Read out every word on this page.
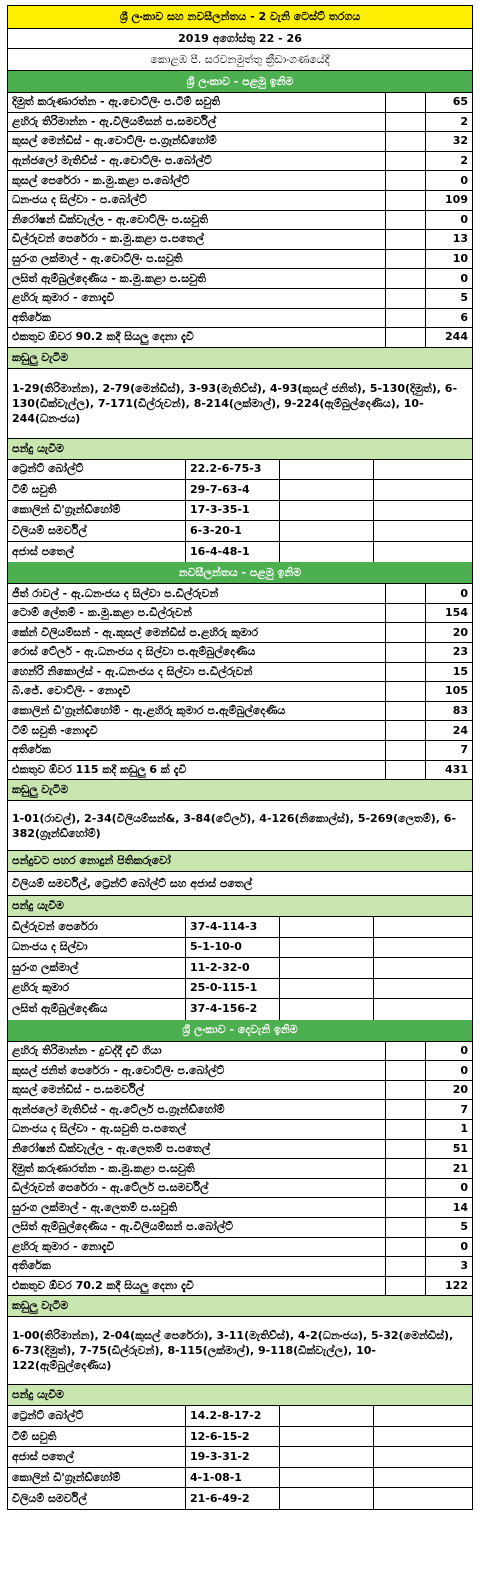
ශ්‍රී ලංකාව සහ නවසීලන්තය - 2 වැනි ටෙස්ට් තරගය
2019 අගෝස්තු 22 - 26
කොළඹ පී. සරවනමුත්තු ක්‍රීඩාංගණයේදී
ශ්‍රී ලංකාව - පළමු ඉනිම
දිමුත් කරුණාරත්න - ඇ.වොට්ලිං ප.ටිම් සවුති	65
ළහිරු තිරිමාන්න - ඇ.විලියම්සන් ප.සමර්විල්	2
කුසල් මෙන්ඩිස් - ඇ.වොට්ලිං ප.ග්‍රෑන්ඩ්හෝම්	32
ඇන්ජලෝ මැතිව්ස් - ඇ.වොට්ලිං ප.බෝල්ට්	2
කුසල් පෙරේරා - ක.මු.කළා ප.බෝල්ට්	0
ධනංජය ද සිල්වා - ප.බෝල්ට්	109
නිරෝෂන් ඩික්වැල්ල - ඇ.වොට්ලිං ප.සවුති	0
ඩිල්රුවන් පෙරේරා - ක.මු.කළා ප.පතෙල්	13
සුරංග ලක්මාල් - ඇ.වොට්ලිං ප.සවුති	10
ලසිත් ඇම්බුල්දෙණිය - ක.මු.කළා ප.සවුති	0
ළහිරු කුමාර - නොදැවී	5
අතිරේක	6
එකතුව ඕවර 90.2 කදී සියලු දෙනා දැවී	244
කඩුලු වැටීම
1-29(තිරිමාන්න), 2-79(මෙන්ඩිස්), 3-93(මැතිව්ස්), 4-93(කුසල් ජනිත්), 5-130(දිමුත්), 6-130(ඩික්වැල්ල), 7-171(ඩිල්රුවන්), 8-214(ලක්මාල්), 9-224(ඇම්බුල්දෙණිය), 10-244(ධනංජය)
පන්දු යැවීම
ට්‍රෙන්ට් බෝල්ට්	22.2-6-75-3
ටිම් සවුති	29-7-63-4
කොලින් ඩි'ග්‍රෑන්ඩ්හෝම්	17-3-35-1
විලියම් සමර්විල්	6-3-20-1
අජාස් පතෙල්	16-4-48-1
නවසීලන්තය - පළමු ඉනිම
ජීත් රාවල් - ඇ.ධනංජය ද සිල්වා ප.ඩිල්රුවන්	0
ටොම් ලේතම් - ක.මු.කළා ප.ඩිල්රුවන්	154
කේන් විලියම්සන් - ඇ.කුසල් මෙන්ඩිස් ප.ළහිරු කුමාර	20
රොස් ටේලර් - ඇ.ධනංජය ද සිල්වා ප.ඇම්බුල්දෙණිය	23
හෙන්රි නිකොල්ස් - ඇ.ධනංජය ද සිල්වා ප.ඩිල්රුවන්	15
බී.ජේ. වොට්ලිං - නොදැවී	105
කොලින් ඩි'ග්‍රෑන්ඩ්හෝම් - ඇ.ළහිරු කුමාර ප.ඇම්බුල්දෙණිය	83
ටිම් සවුති -නොදැවී	24
අතිරේක	7
එකතුව ඕවර 115 කදී කඩුලු 6 ක් දැවී	431
කඩුලු වැටීම
1-01(රාවල්), 2-34(විලියම්සන්&, 3-84(ටේලර්), 4-126(නිකොල්ස්), 5-269(ලෙතම්), 6-382(ග්‍රෑන්ඩ්හෝම්)
පන්දුවට පහර නොදුන් පිතිකරුවෝ
විලියම් සමර්විල්, ට්‍රෙන්ට් බෝල්ට් සහ අජාස් පතෙල්
පන්දු යැවීම
ඩිල්රුවන් පෙරේරා	37-4-114-3
ධනංජය ද සිල්වා	5-1-10-0
සුරංග ලක්මාල්	11-2-32-0
ළහිරු කුමාර	25-0-115-1
ලසිත් ඇම්බුල්දෙණිය	37-4-156-2
ශ්‍රී ලංකාව - දෙවැනි ඉනිම
ළහිරු තිරිමාන්න - දුවද්දී දැවී ගියා	0
කුසල් ජනිත් පෙරේරා - ඇ.වොට්ලිං ප.බෝල්ට්	0
කුසල් මෙන්ඩිස් - ප.සමර්විල්	20
ඇන්ජලෝ මැතිව්ස් - ඇ.ටේලර් ප.ග්‍රෑන්ඩ්හෝම්	7
ධනංජය ද සිල්වා - ඇ.සවුති ප.පතෙල්	1
නිරෝෂන් ඩික්වැල්ල - ඇ.ලෙතම් ප.පතෙල්	51
දිමුත් කරුණාරත්න - ක.මු.කළා ප.සවුති	21
ඩිල්රුවන් පෙරේරා - ඇ.ටේලර් ප.සමර්විල්	0
සුරංග ලක්මාල් - ඇ.ලෙතම් ප.සවුති	14
ලසිත් ඇම්බුල්දෙණිය - ඇ.විලියම්සන් ප.බෝල්ට්	5
ළහිරු කුමාර - නොදැවී	0
අතිරේක	3
එකතුව ඕවර 70.2 කදී සියලු දෙනා දැවී	122
කඩුලු වැටීම
1-00(තිරිමාන්න), 2-04(කුසල් පෙරේරා), 3-11(මැතිව්ස්), 4-2(ධනංජය), 5-32(මෙන්ඩිස්), 6-73(දිමුත්), 7-75(ඩිල්රුවන්), 8-115(ලක්මාල්), 9-118(ඩික්වැල්ල), 10-122(ඇම්බුල්දෙණිය)
පන්දු යැවීම
ට්‍රෙන්ට් බෝල්ට්	14.2-8-17-2
ටිම් සවුති	12-6-15-2
අජාස් පතෙල්	19-3-31-2
කොලින් ඩි'ග්‍රෑන්ඩ්හෝම්	4-1-08-1
විලියම් සමර්විල්	21-6-49-2
